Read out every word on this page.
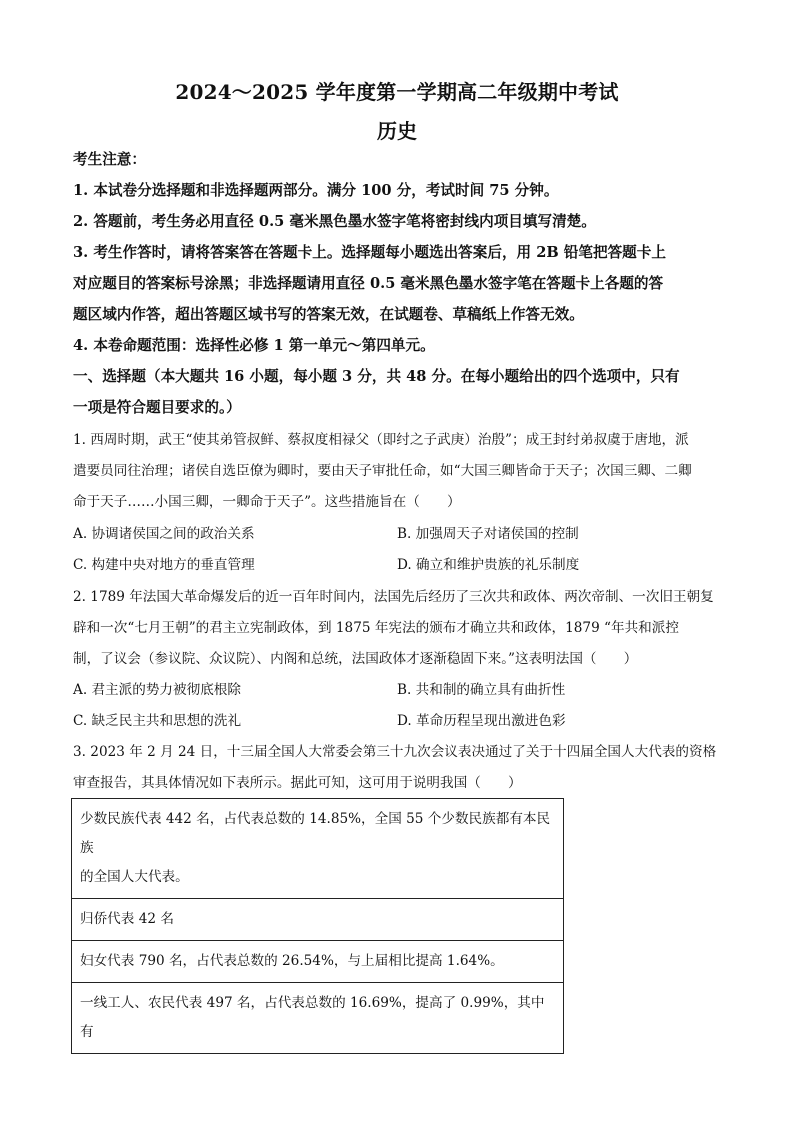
2024～2025 学年度第一学期高二年级期中考试
历史
考生注意：
1. 本试卷分选择题和非选择题两部分。满分 100 分，考试时间 75 分钟。
2. 答题前，考生务必用直径 0.5 毫米黑色墨水签字笔将密封线内项目填写清楚。
3. 考生作答时，请将答案答在答题卡上。选择题每小题选出答案后，用 2B 铅笔把答题卡上
对应题目的答案标号涂黑；非选择题请用直径 0.5 毫米黑色墨水签字笔在答题卡上各题的答
题区域内作答，超出答题区域书写的答案无效，在试题卷、草稿纸上作答无效。
4. 本卷命题范围：选择性必修 1 第一单元～第四单元。
一、选择题（本大题共 16 小题，每小题 3 分，共 48 分。在每小题给出的四个选项中，只有
一项是符合题目要求的。）
1. 西周时期，武王“使其弟管叔鲜、蔡叔度相禄父（即纣之子武庚）治殷”；成王封纣弟叔虞于唐地，派
遣要员同往治理；诸侯自选臣僚为卿时，要由天子审批任命，如“大国三卿皆命于天子；次国三卿、二卿
命于天子……小国三卿，一卿命于天子”。这些措施旨在（　　）
A. 协调诸侯国之间的政治关系	B. 加强周天子对诸侯国的控制
C. 构建中央对地方的垂直管理	D. 确立和维护贵族的礼乐制度
2. 1789 年法国大革命爆发后的近一百年时间内，法国先后经历了三次共和政体、两次帝制、一次旧王朝复
辟和一次“七月王朝”的君主立宪制政体，到 1875 年宪法的颁布才确立共和政体，1879 “年共和派控
制，了议会（参议院、众议院）、内阁和总统，法国政体才逐渐稳固下来。”这表明法国（　　）
A. 君主派的势力被彻底根除	B. 共和制的确立具有曲折性
C. 缺乏民主共和思想的洗礼	D. 革命历程呈现出激进色彩
3. 2023 年 2 月 24 日，十三届全国人大常委会第三十九次会议表决通过了关于十四届全国人大代表的资格
审查报告，其具体情况如下表所示。据此可知，这可用于说明我国（　　）
少数民族代表 442 名，占代表总数的 14.85%，全国 55 个少数民族都有本民族
的全国人大代表。

归侨代表 42 名

妇女代表 790 名，占代表总数的 26.54%，与上届相比提高 1.64%。

一线工人、农民代表 497 名，占代表总数的 16.69%，提高了 0.99%，其中有
